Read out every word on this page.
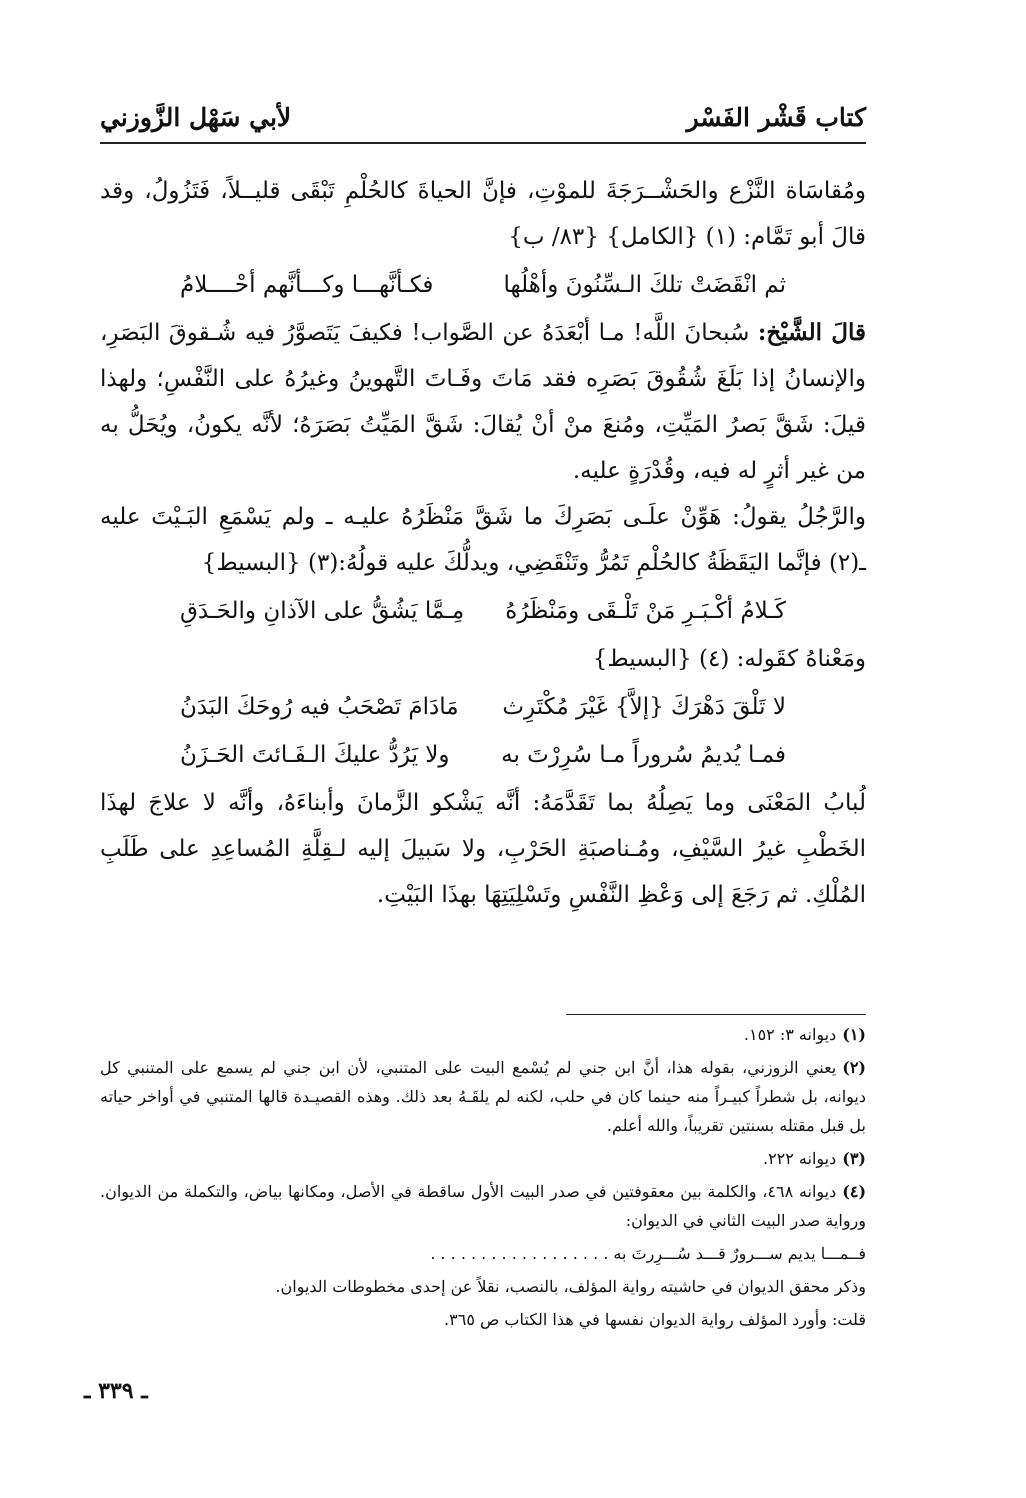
كتاب قَشْر الفَسْر
لأبي سَهْل الزَّوزني

ومُقاسَاة النَّزْع والحَشْــرَجَةَ للموْتِ، فإنَّ الحياةَ كالحُلْمِ تَبْقَى قليــلاً، فَتَزُولُ، وقد قالَ أبو تَمَّام: (١) {الكامل} {٨٣/ ب}

ثم انْقَضَتْ تلكَ الـسِّنُونَ وأهْلُها
فكـأنَّهـــا وكـــأنَّهم أحْــــلامُ

قالَ الشَّيْخ: سُبحانَ اللَّه! مـا أبْعَدَهُ عن الصَّواب! فكيفَ يَتَصوَّرُ فيه شُـقوقَ البَصَرِ، والإنسانُ إذا بَلَغَ شُقُوقَ بَصَرِه فقد مَاتَ وفَـاتَ التَّهوينُ وغيرُهُ على النَّفْسِ؛ ولهذا قيلَ: شَقَّ بَصرُ المَيِّتِ، ومُنعَ منْ أنْ يُقالَ: شَقَّ المَيِّتُ بَصَرَهُ؛ لأنَّه يكونُ، ويُحَلُّ به من غير أثرٍ له فيه، وقُدْرَةٍ عليه.

والرَّجُلُ يقولُ: هَوِّنْ علَـى بَصَرِكَ ما شَقَّ مَنْظَرُهُ عليـه ـ ولم يَسْمَعِ البَـيْتَ عليه ـ(٢) فإنَّما اليَقَظَةُ كالحُلْمِ تَمُرُّ وتَنْقَضِي، ويدلُّكَ عليه قولُهُ:(٣) {البسيط}

كَـلامُ أكْـبَـرِ مَنْ تَلْـقَى ومَنْظَرُهُ
مِـمَّا يَشُقُّ على الآذانِ والحَـدَقِ

ومَعْناهُ كقَوله: (٤) {البسيط}

لا تَلْقَ دَهْرَكَ {إلاَّ} غَيْرَ مُكْتَرِث
مَادَامَ تَصْحَبُ فيه رُوحَكَ البَدَنُ
فمـا يُديمُ سُروراً مـا سُرِرْتَ به
ولا يَرُدُّ عليكَ الـفَـائتَ الحَـزَنُ

لُبابُ المَعْنَى وما يَصِلُهُ بما تَقَدَّمَهُ: أنَّه يَشْكو الزَّمانَ وأبناءَهُ، وأنَّه لا علاجَ لهذَا الخَطْبِ غيرُ السَّيْفِ، ومُـناصبَةِ الحَرْبِ، ولا سَبيلَ إليه لـقِلَّةِ المُساعِدِ على طَلَبِ المُلْكِ. ثم رَجَعَ إلى وَعْظِ النَّفْسِ وتَسْلِيَتِهَا بهذَا البَيْتِ.

(١)ديوانه ٣: ١٥٢.

(٢)يعني الزوزني، بقوله هذا، أنَّ ابن جني لم يُسْمع البيت على المتنبي، لأن ابن جني لم يسمع على المتنبي كل ديوانه، بل شطراً كبيـراً منه حينما كان في حلب، لكنه لم يلقَـهُ بعد ذلك. وهذه القصيـدة قالها المتنبي في أواخر حياته بل قبل مقتله بسنتين تقريباً، والله أعلم.

(٣)ديوانه ٢٢٢.

(٤)ديوانه ٤٦٨، والكلمة بين معقوفتين في صدر البيت الأول ساقطة في الأصل، ومكانها بياض، والتكملة من الديوان. ورواية صدر البيت الثاني في الديوان:

فــمـــا يديم ســـرورٌ قـــد سُـــرِرتَ به . . . . . . . . . . . . . . . . . .

وذكر محقق الديوان في حاشيته رواية المؤلف، بالنصب، نقلاً عن إحدى مخطوطات الديوان.

قلت: وأورد المؤلف رواية الديوان نفسها في هذا الكتاب ص ٣٦٥.

ـ ٣٣٩ ـ
